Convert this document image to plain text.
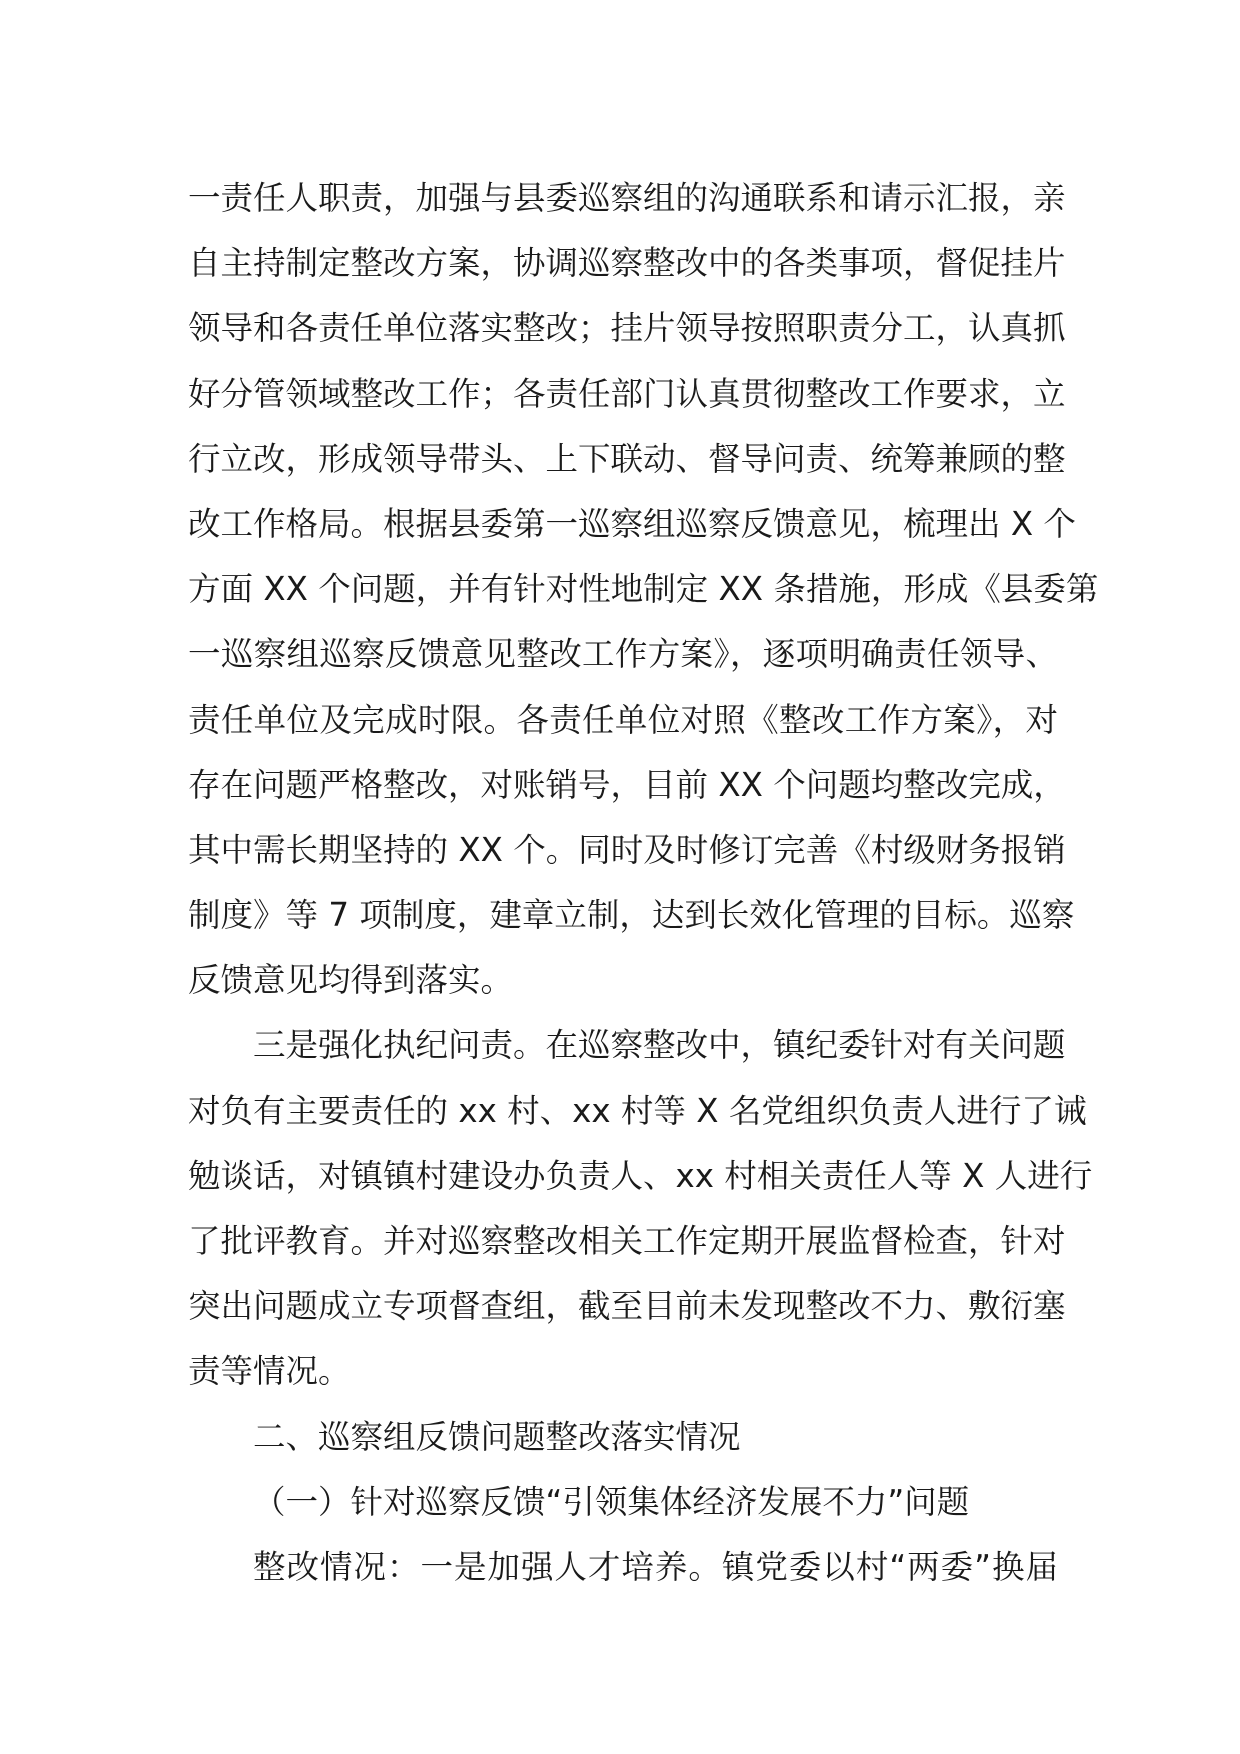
一责任人职责，加强与县委巡察组的沟通联系和请示汇报，亲
自主持制定整改方案，协调巡察整改中的各类事项，督促挂片
领导和各责任单位落实整改；挂片领导按照职责分工，认真抓
好分管领域整改工作；各责任部门认真贯彻整改工作要求，立
行立改，形成领导带头、上下联动、督导问责、统筹兼顾的整
改工作格局。根据县委第一巡察组巡察反馈意见，梳理出 X 个
方面 XX 个问题，并有针对性地制定 XX 条措施，形成《县委第
一巡察组巡察反馈意见整改工作方案》，逐项明确责任领导、
责任单位及完成时限。各责任单位对照《整改工作方案》，对
存在问题严格整改，对账销号，目前 XX 个问题均整改完成，
其中需长期坚持的 XX 个。同时及时修订完善《村级财务报销
制度》等 7 项制度，建章立制，达到长效化管理的目标。巡察
反馈意见均得到落实。
三是强化执纪问责。在巡察整改中，镇纪委针对有关问题
对负有主要责任的 xx 村、xx 村等 X 名党组织负责人进行了诫
勉谈话，对镇镇村建设办负责人、xx 村相关责任人等 X 人进行
了批评教育。并对巡察整改相关工作定期开展监督检查，针对
突出问题成立专项督查组，截至目前未发现整改不力、敷衍塞
责等情况。
二、巡察组反馈问题整改落实情况
（一）针对巡察反馈“引领集体经济发展不力”问题
整改情况：一是加强人才培养。镇党委以村“两委”换届
